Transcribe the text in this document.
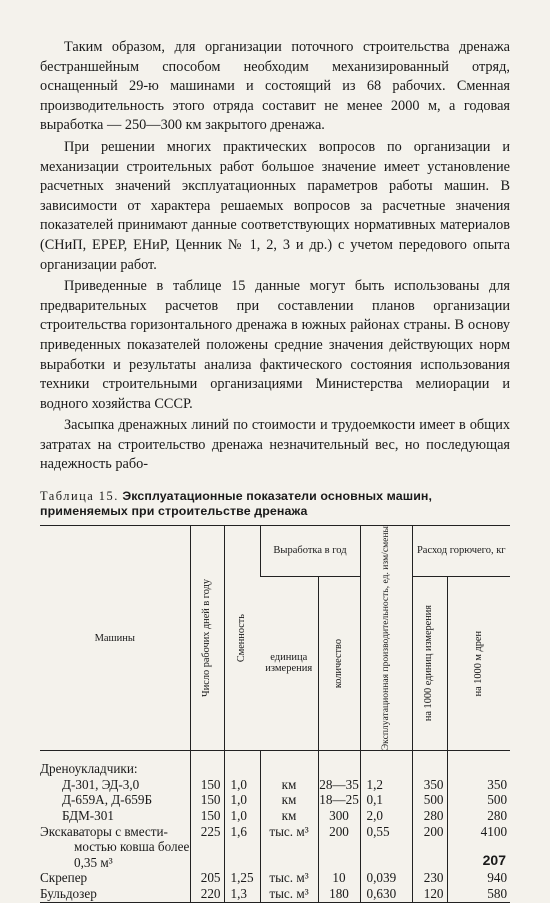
Таким образом, для организации поточного строительства дренажа бестраншейным способом необходим механизированный отряд, оснащенный 29-ю машинами и состоящий из 68 рабочих. Сменная производительность этого отряда составит не менее 2000 м, а годовая выработка — 250—300 км закрытого дренажа.

При решении многих практических вопросов по организации и механизации строительных работ большое значение имеет установление расчетных значений эксплуатационных параметров работы машин. В зависимости от характера решаемых вопросов за расчетные значения показателей принимают данные соответствующих нормативных материалов (СНиП, ЕРЕР, ЕНиР, Ценник № 1, 2, 3 и др.) с учетом передового опыта организации работ.

Приведенные в таблице 15 данные могут быть использованы для предварительных расчетов при составлении планов организации строительства горизонтального дренажа в южных районах страны. В основу приведенных показателей положены средние значения действующих норм выработки и результаты анализа фактического состояния использования техники строительными организациями Министерства мелиорации и водного хозяйства СССР.

Засыпка дренажных линий по стоимости и трудоемкости имеет в общих затратах на строительство дренажа незначительный вес, но последующая надежность рабо-

Таблица 15. Эксплуатационные показатели основных машин, применяемых при строительстве дренажа
Машины	Число рабочих дней в году	Сменность	Выработка в год		Эксплуатационная производительность, ед. изм/смены	Расход горючего, кг	
			единица измерения	количество		на 1000 единиц измерения	на 1000 м дрен

Дреноукладчики:							
Д-301, ЭД-3,0	150	1,0	км	28—35	1,2	350	350
Д-659А, Д-659Б	150	1,0	км	18—25	0,1	500	500
БДМ-301	150	1,0	км	300	2,0	280	280
Экскаваторы с вмести-	225	1,6	тыс. м³	200	0,55	200	4100
мостью ковша более							
0,35 м³							
Скрепер	205	1,25	тыс. м³	10	0,039	230	940
Бульдозер	220	1,3	тыс. м³	180	0,630	120	580
207
